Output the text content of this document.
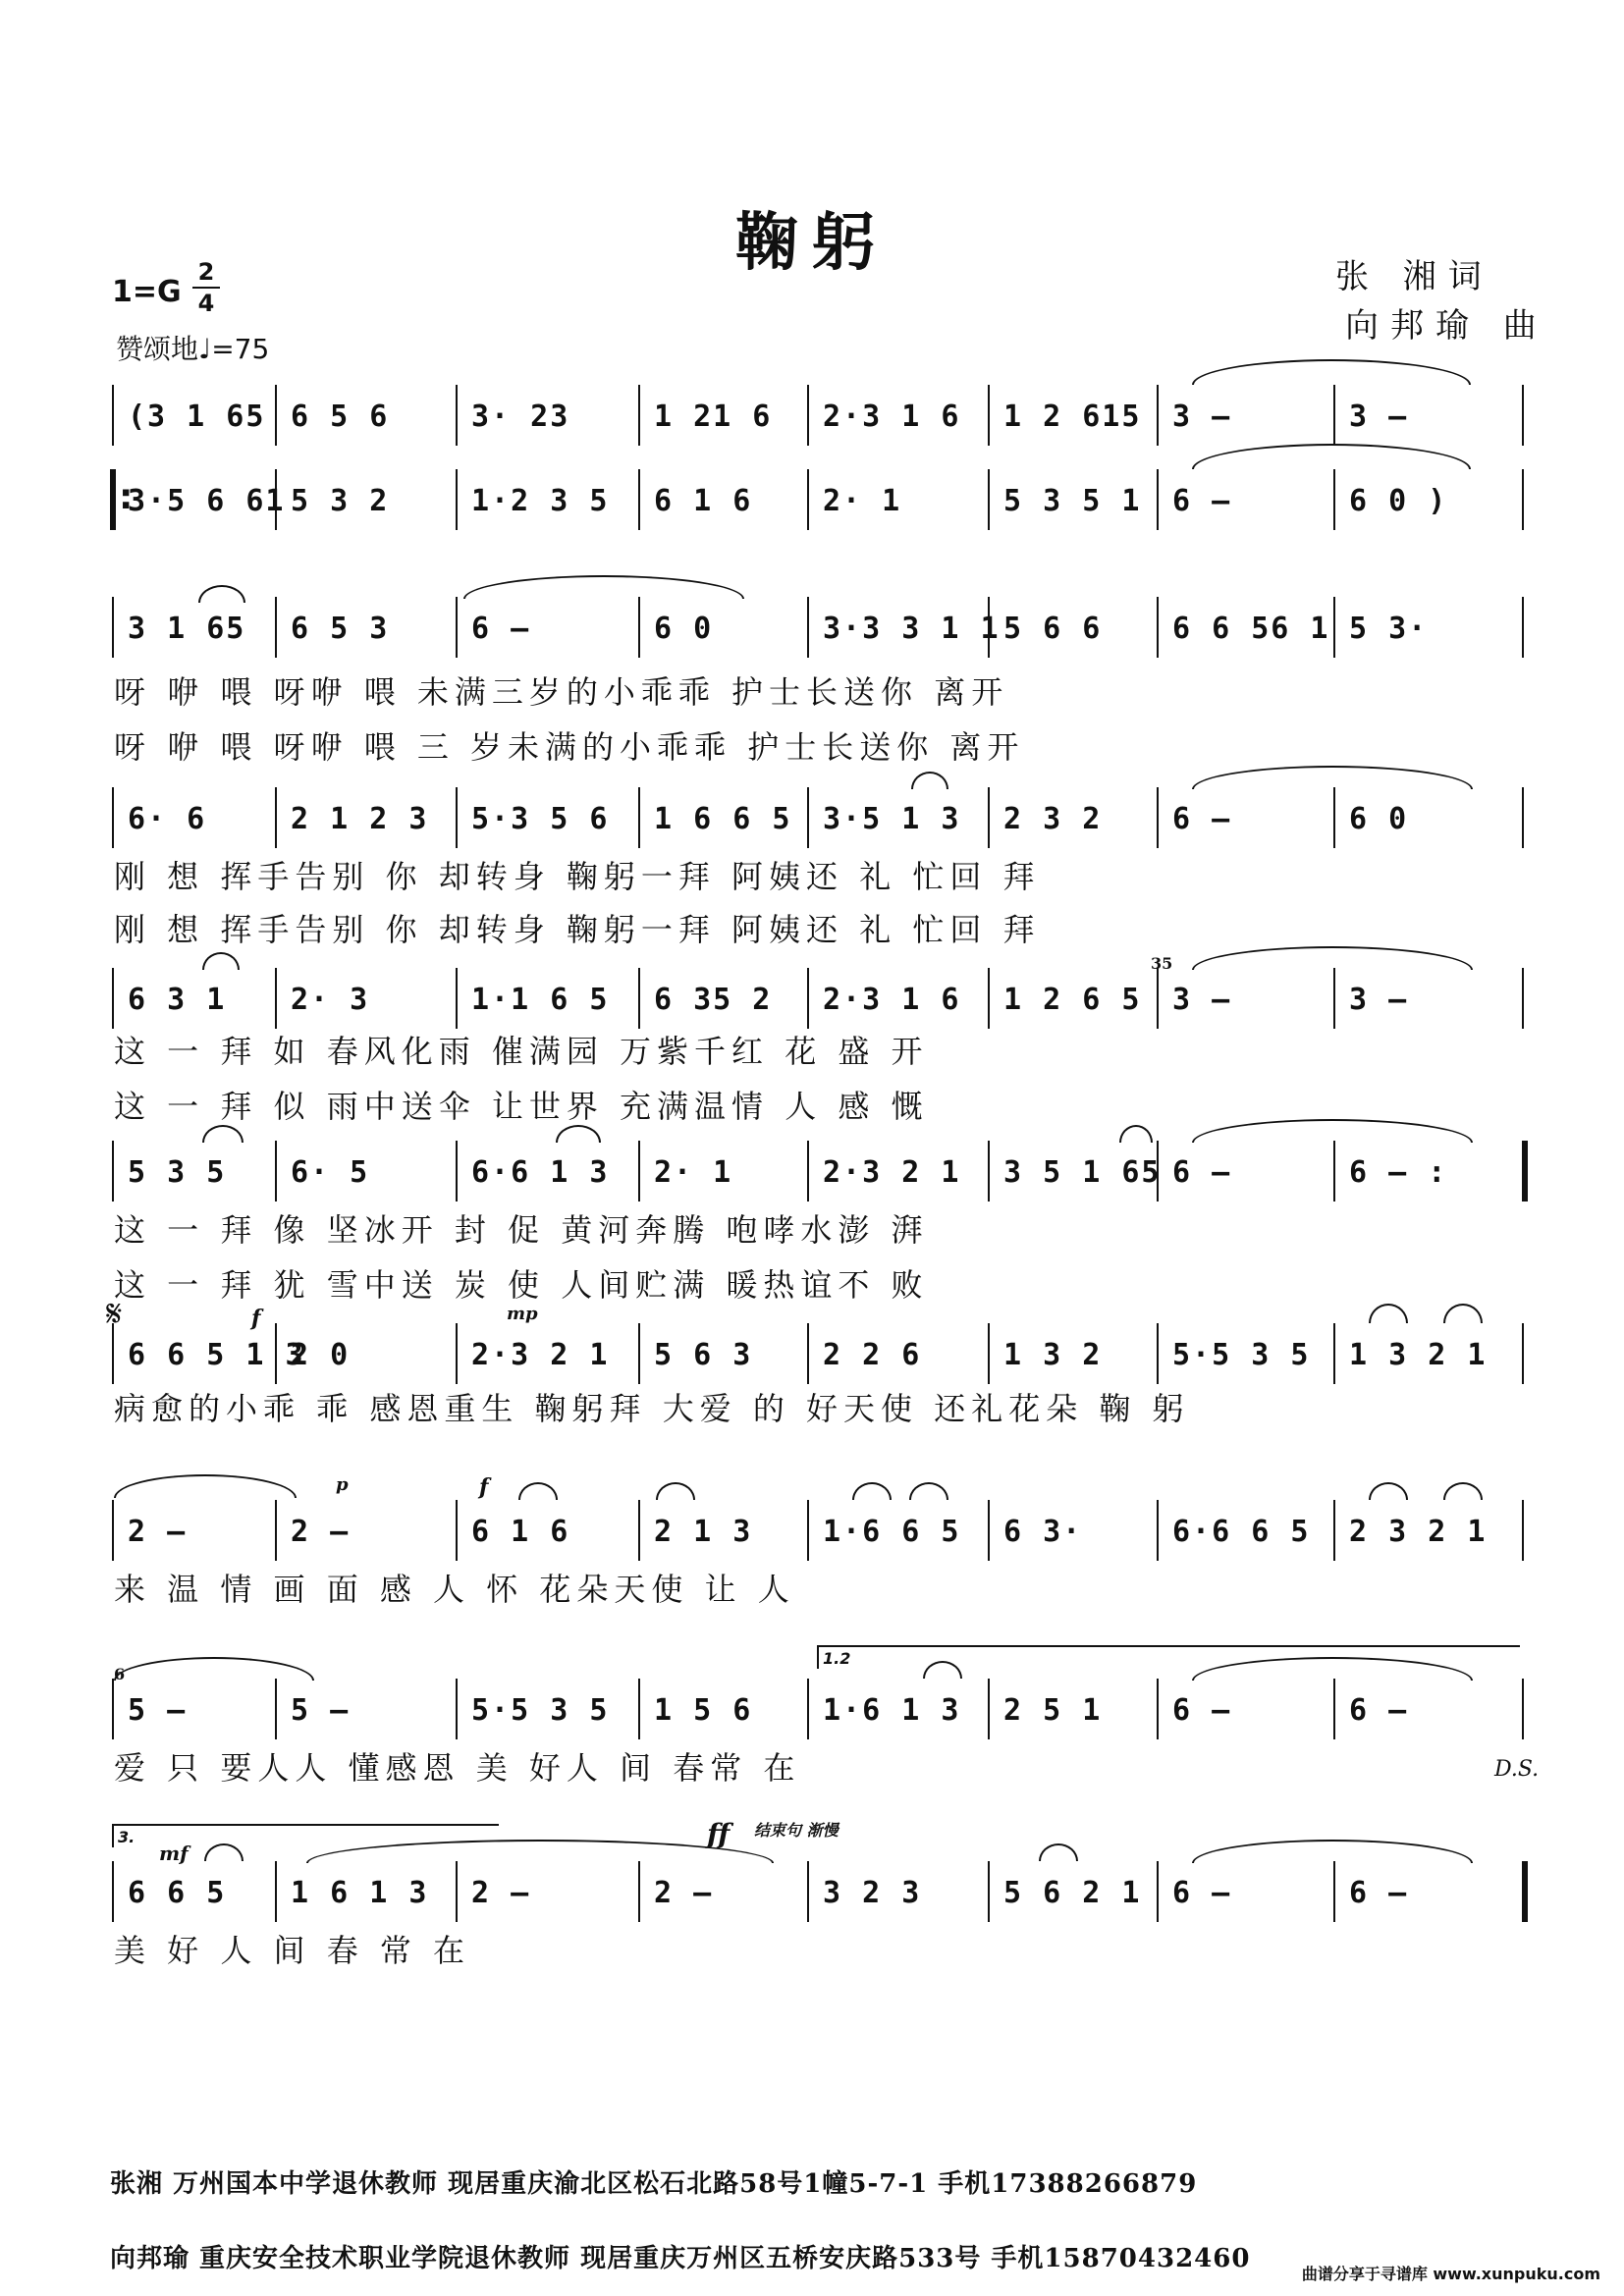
鞠躬	张 湘词
向邦瑜 曲
1=G
2
4
赞颂地♩=75
(3 1 65 6 5 6	3· 23	1 21 6	2·3 1 6	1 2 615	3 –	3 –
3·5 6 61 5 3 2	1·2 3 5	6 1 6	2· 1	5 3 5 1	6 –	6 0 )
:
3 1 65	6 5 3	6 –	6 0	3·3 3 1 1 5 6 6	6 6 56 1 5 3·
呀 咿 喂 呀咿 喂 未满三岁的小乖乖 护士长送你 离开
呀 咿 喂 呀咿 喂 三 岁未满的小乖乖 护士长送你 离开
6· 6	2 1 2 3	5·3 5 6	1 6 6 5	3·5 1 3	2 3 2	6 –	6 0
刚 想 挥手告别 你 却转身 鞠躬一拜 阿姨还 礼 忙回 拜
刚 想 挥手告别 你 却转身 鞠躬一拜 阿姨还 礼 忙回 拜
6 3 1	2· 3	1·1 6 5	6 35 2	2·3 1 6	1 2 6 5	3 –	3 –
35
这 一 拜 如 春风化雨 催满园 万紫千红 花 盛 开
这 一 拜 似 雨中送伞 让世界 充满温情 人 感 慨
5 3 5	6· 5	6·6 1 3	2· 1	2·3 2 1	3 5 1 65 6 –	6 – :
这 一 拜 像 坚冰开 封 促 黄河奔腾 咆哮水澎 湃
这 一 拜 犹 雪中送 炭 使 人间贮满 暖热谊不 败
𝄋
6 6 5 1 3
2 0	2·3 2 1	5 6 3	2 2 6	1 3 2	5·5 3 5	1 3 2 1
f	mp
病愈的小乖 乖 感恩重生 鞠躬拜 大爱 的 好天使 还礼花朵 鞠 躬
2 –	2 –	6 1 6	2 1 3	1·6 6 5	6 3·	6·6 6 5	2 3 2 1
p	f
来 温 情 画 面 感 人 怀 花朵天使 让 人
1.2
5 –	5 –	5·5 3 5	1 5 6	1·6 1 3	2 5 1	6 –	6 –
6
爱 只 要人人 懂感恩 美 好人 间 春常 在	D.S.
3.	ff 结束句 渐慢
6 6 5	1 6 1 3	2 –	2 –	3 2 3	5 6 2 1	6 –	6 –
mf
美 好 人 间 春 常 在
张湘 万州国本中学退休教师 现居重庆渝北区松石北路58号1幢5-7-1 手机17388266879
向邦瑜 重庆安全技术职业学院退休教师 现居重庆万州区五桥安庆路533号 手机15870432460
曲谱分享于寻谱库 www.xunpuku.com
